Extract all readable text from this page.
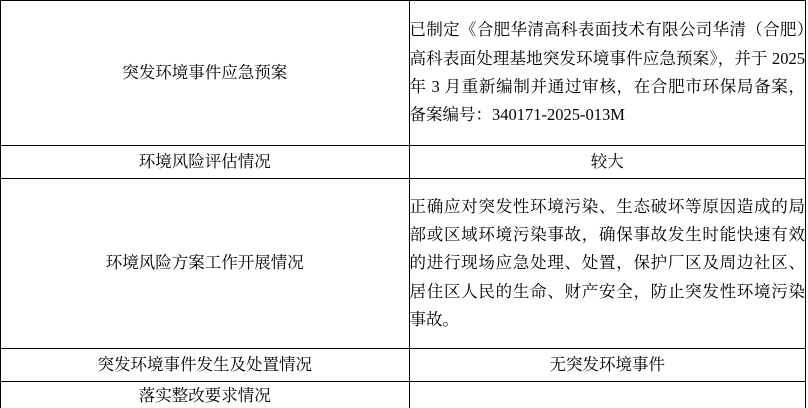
突发环境事件应急预案	已制定《合肥华清高科表面技术有限公司华清（合肥）高科表面处理基地突发环境事件应急预案》，并于 2025 年 3 月重新编制并通过审核，在合肥市环保局备案，备案编号：340171-2025-013M
环境风险评估情况	较大
环境风险方案工作开展情况	正确应对突发性环境污染、生态破坏等原因造成的局部或区域环境污染事故，确保事故发生时能快速有效的进行现场应急处理、处置，保护厂区及周边社区、居住区人民的生命、财产安全，防止突发性环境污染事故。
突发环境事件发生及处置情况	无突发环境事件
落实整改要求情况	
